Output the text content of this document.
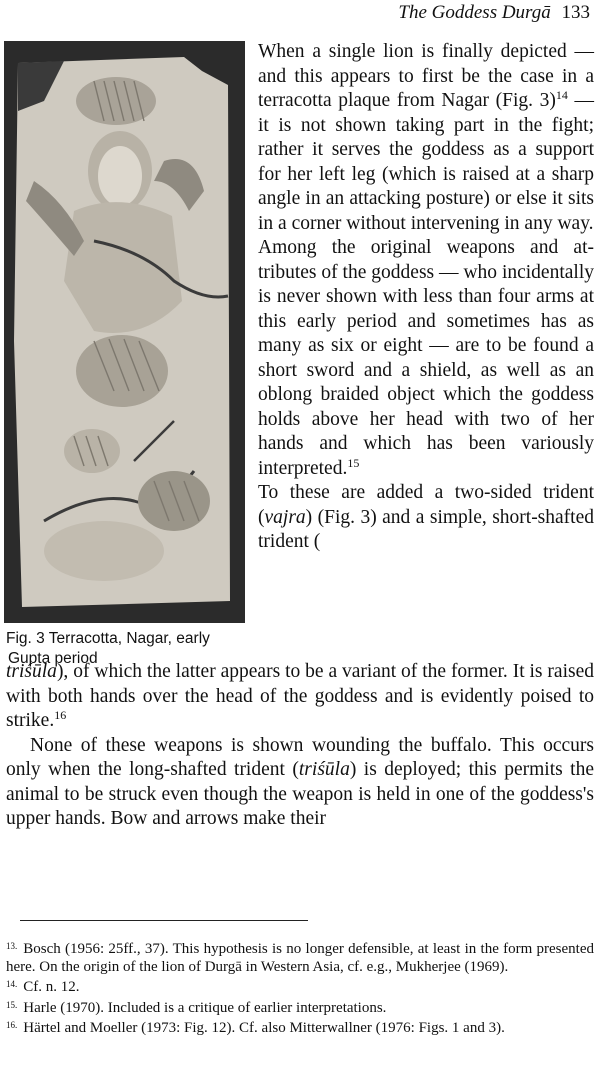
The Goddess Durgā 133
Fig. 3 Terracotta, Nagar, early
Gupta period

When a single lion is finally depicted — and this appears to first be the case in a terracotta plaque from Nagar (Fig. 3)$^{14}$ — it is not shown taking part in the fight; rather it serves the goddess as a support for her left leg (which is raised at a sharp angle in an attacking posture) or else it sits in a corner without intervening in any way.

Among the original weapons and attributes of the goddess — who incidentally is never shown with less than four arms at this early period and sometimes has as many as six or eight — are to be found a short sword and a shield, as well as an oblong braided object which the goddess holds above her head with two of her hands and which has been variously interpreted.$^{15}$

To these are added a two-sided trident (vajra) (Fig. 3) and a simple, short-shafted trident (

triśūla), of which the latter appears to be a variant of the former. It is raised with both hands over the head of the goddess and is evidently poised to strike.$^{16}$

None of these weapons is shown wounding the buffalo. This occurs only when the long-shafted trident (triśūla) is deployed; this permits the animal to be struck even though the weapon is held in one of the goddess's upper hands. Bow and arrows make their

$^{13.}$ Bosch (1956: 25ff., 37). This hypothesis is no longer defensible, at least in the form presented here. On the origin of the lion of Durgā in Western Asia, cf. e.g., Mukherjee (1969).

$^{14.}$ Cf. n. 12.

$^{15.}$ Harle (1970). Included is a critique of earlier interpretations.

$^{16.}$ Härtel and Moeller (1973: Fig. 12). Cf. also Mitterwallner (1976: Figs. 1 and 3).
